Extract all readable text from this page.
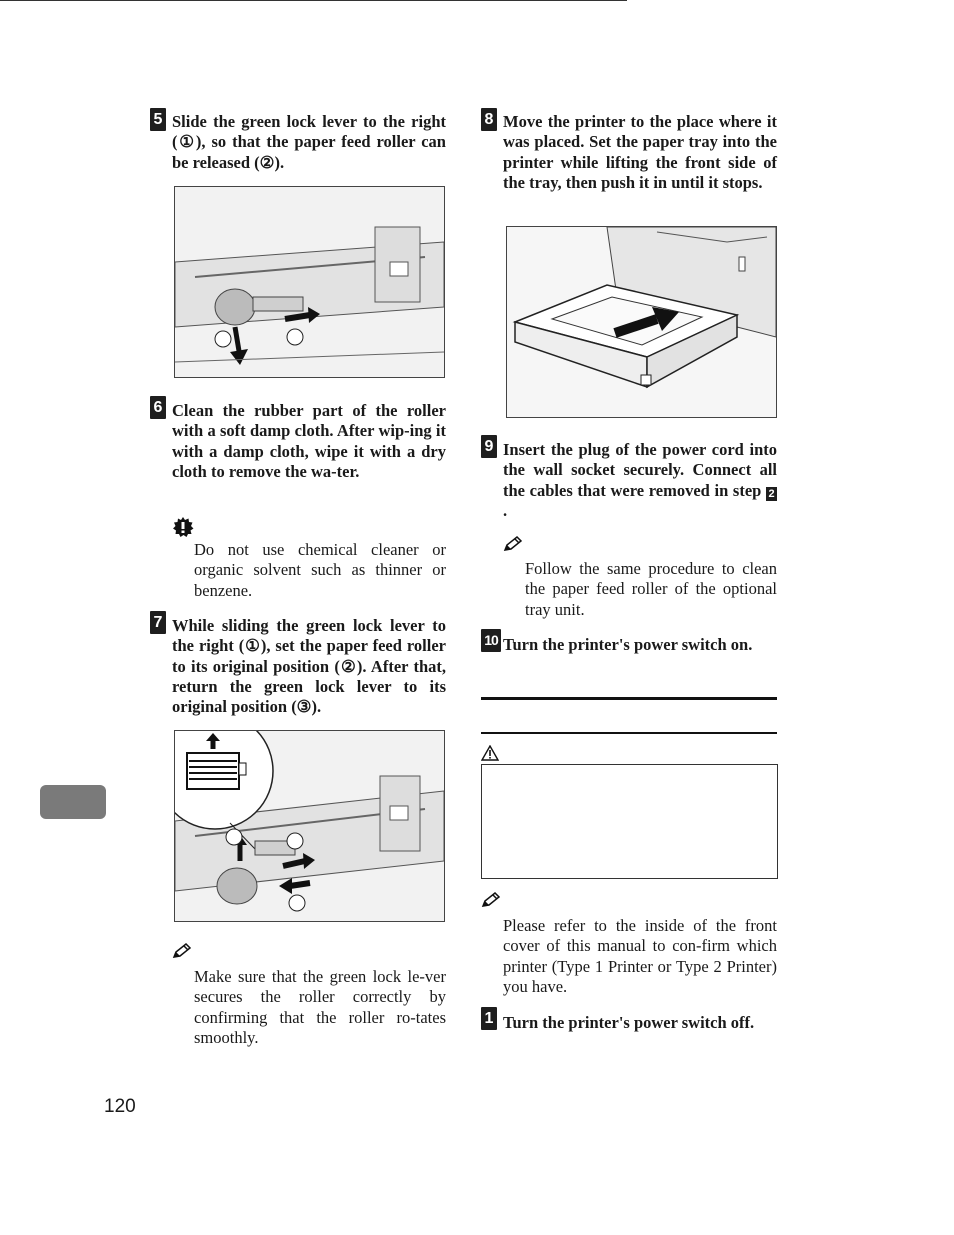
5 Slide the green lock lever to the right (①), so that the paper feed roller can be released (②).
6 Clean the rubber part of the roller with a soft damp cloth. After wip-ing it with a damp cloth, wipe it with a dry cloth to remove the wa-ter.
Do not use chemical cleaner or organic solvent such as thinner or benzene.
7 While sliding the green lock lever to the right (①), set the paper feed roller to its original position (②). After that, return the green lock lever to its original position (③).
Make sure that the green lock le-ver secures the roller correctly by confirming that the roller ro-tates smoothly.
8 Move the printer to the place where it was placed. Set the paper tray into the printer while lifting the front side of the tray, then push it in until it stops.
9 Insert the plug of the power cord into the wall socket securely. Connect all the cables that were removed in step 2.
Follow the same procedure to clean the paper feed roller of the optional tray unit.
10 Turn the printer's power switch on.
Please refer to the inside of the front cover of this manual to con-firm which printer (Type 1 Printer or Type 2 Printer) you have.
1 Turn the printer's power switch off.
120
